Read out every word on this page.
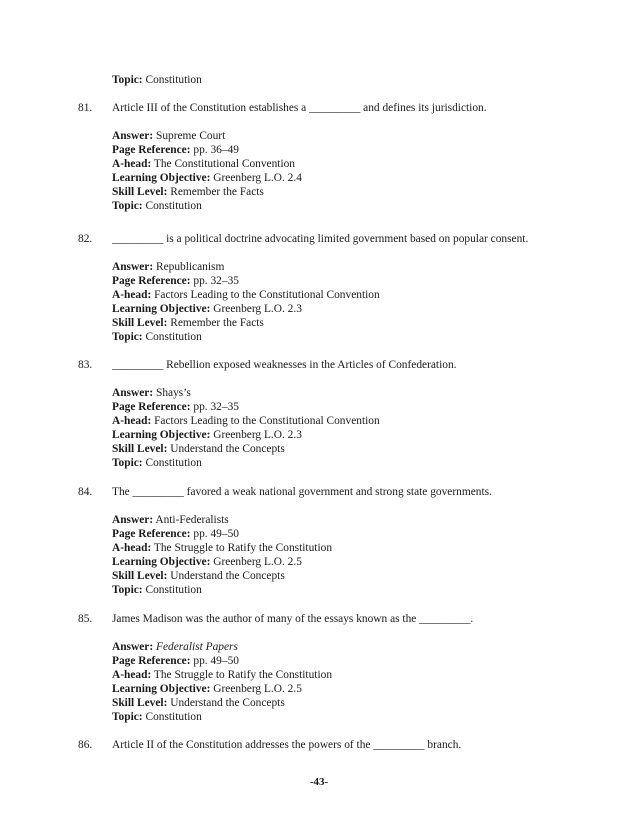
Topic: Constitution
81. Article III of the Constitution establishes a _________ and defines its jurisdiction.
Answer: Supreme Court
Page Reference: pp. 36–49
A-head: The Constitutional Convention
Learning Objective: Greenberg L.O. 2.4
Skill Level: Remember the Facts
Topic: Constitution
82. _________ is a political doctrine advocating limited government based on popular consent.
Answer: Republicanism
Page Reference: pp. 32–35
A-head: Factors Leading to the Constitutional Convention
Learning Objective: Greenberg L.O. 2.3
Skill Level: Remember the Facts
Topic: Constitution
83. _________ Rebellion exposed weaknesses in the Articles of Confederation.
Answer: Shays’s
Page Reference: pp. 32–35
A-head: Factors Leading to the Constitutional Convention
Learning Objective: Greenberg L.O. 2.3
Skill Level: Understand the Concepts
Topic: Constitution
84. The _________ favored a weak national government and strong state governments.
Answer: Anti-Federalists
Page Reference: pp. 49–50
A-head: The Struggle to Ratify the Constitution
Learning Objective: Greenberg L.O. 2.5
Skill Level: Understand the Concepts
Topic: Constitution
85. James Madison was the author of many of the essays known as the _________.
Answer: Federalist Papers
Page Reference: pp. 49–50
A-head: The Struggle to Ratify the Constitution
Learning Objective: Greenberg L.O. 2.5
Skill Level: Understand the Concepts
Topic: Constitution
86. Article II of the Constitution addresses the powers of the _________ branch.
-43-
